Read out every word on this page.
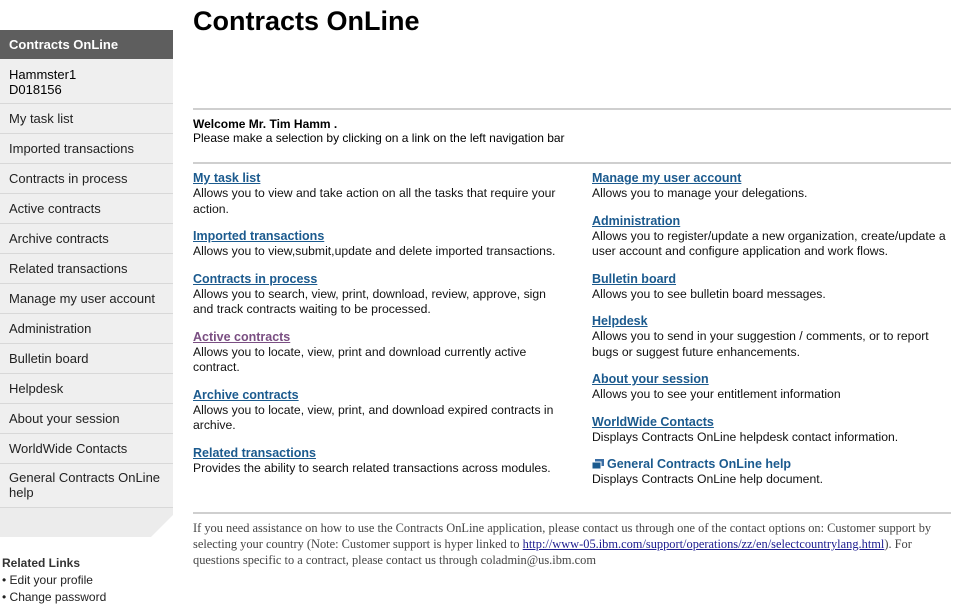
Contracts OnLine
Hammster1
D018156
My task list
Imported transactions
Contracts in process
Active contracts
Archive contracts
Related transactions
Manage my user account
Administration
Bulletin board
Helpdesk
About your session
WorldWide Contacts
General Contracts OnLine help
Related Links
• Edit your profile
• Change password
Contracts OnLine
Welcome Mr. Tim Hamm .
Please make a selection by clicking on a link on the left navigation bar
My task list
Allows you to view and take action on all the tasks that require your action.
Imported transactions
Allows you to view,submit,update and delete imported transactions.
Contracts in process
Allows you to search, view, print, download, review, approve, sign and track contracts waiting to be processed.
Active contracts
Allows you to locate, view, print and download currently active contract.
Archive contracts
Allows you to locate, view, print, and download expired contracts in archive.
Related transactions
Provides the ability to search related transactions across modules.
Manage my user account
Allows you to manage your delegations.
Administration
Allows you to register/update a new organization, create/update a user account and configure application and work flows.
Bulletin board
Allows you to see bulletin board messages.
Helpdesk
Allows you to send in your suggestion / comments, or to report bugs or suggest future enhancements.
About your session
Allows you to see your entitlement information
WorldWide Contacts
Displays Contracts OnLine helpdesk contact information.
General Contracts OnLine help
Displays Contracts OnLine help document.
If you need assistance on how to use the Contracts OnLine application, please contact us through one of the contact options on: Customer support by selecting your country (Note: Customer support is hyper linked to http://www-05.ibm.com/support/operations/zz/en/selectcountrylang.html). For questions specific to a contract, please contact us through coladmin@us.ibm.com
